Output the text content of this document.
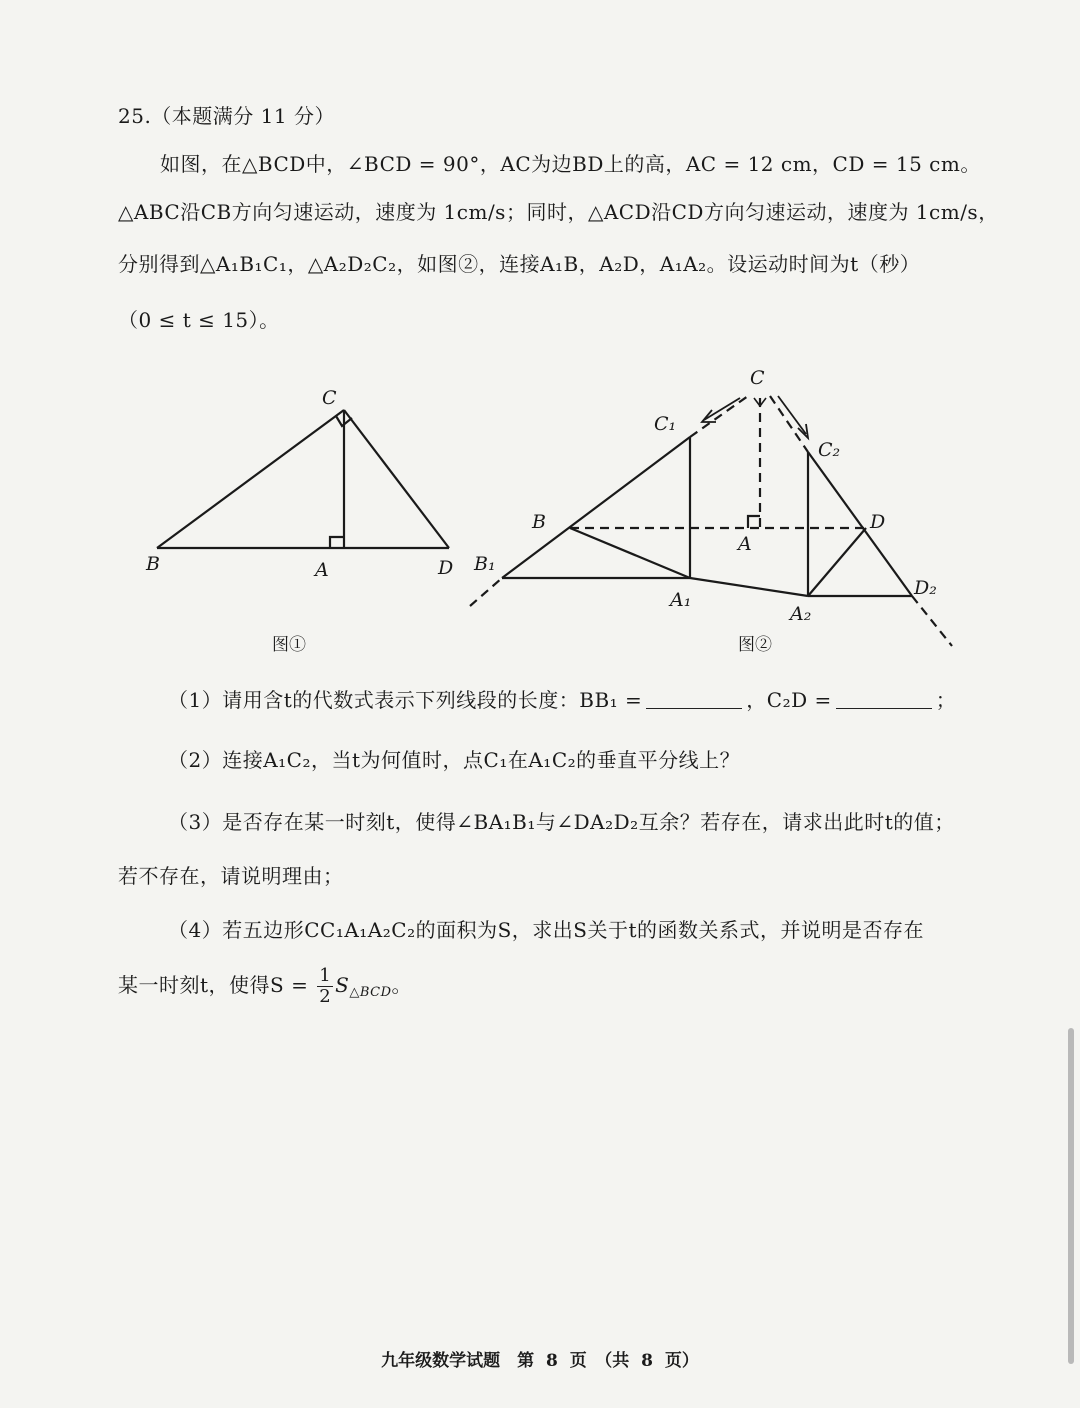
25.（本题满分 11 分）
如图，在△BCD中，∠BCD = 90°，AC为边BD上的高，AC = 12 cm，CD = 15 cm。
△ABC沿CB方向匀速运动，速度为 1cm/s；同时，△ACD沿CD方向匀速运动，速度为 1cm/s，
分别得到△A₁B₁C₁，△A₂D₂C₂，如图②，连接A₁B，A₂D，A₁A₂。设运动时间为t（秒）
（0 ≤ t ≤ 15）。
C
B	A	D
C
C₁
C₂
B
B₁
A
A₁
A₂
D
D₂
图①	图②
（1）请用含t的代数式表示下列线段的长度：BB₁ =	，C₂D =	；
（2）连接A₁C₂，当t为何值时，点C₁在A₁C₂的垂直平分线上？
（3）是否存在某一时刻t，使得∠BA₁B₁与∠DA₂D₂互余？若存在，请求出此时t的值；
若不存在，请说明理由；
（4）若五边形CC₁A₁A₂C₂的面积为S，求出S关于t的函数关系式，并说明是否存在
某一时刻t，使得$S = \frac{1}{2} S_{\triangle BCD}$。
九年级数学试题　第 8 页　（共 8 页）
